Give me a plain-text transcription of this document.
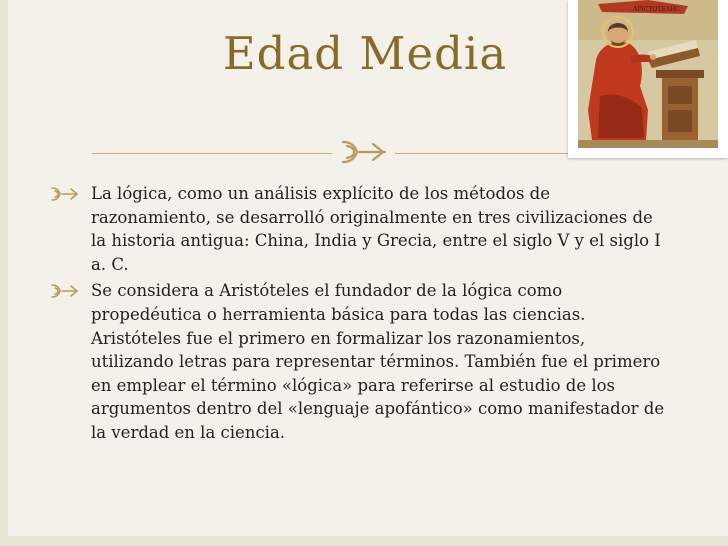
Edad Media
ΑΡΙCΤΟΤΕΛΗC
La lógica, como un análisis explícito de los métodos de razonamiento, se desarrolló originalmente en tres civilizaciones de la historia antigua: China, India y Grecia, entre el siglo V y el siglo I a. C.
Se considera a Aristóteles el fundador de la lógica como propedéutica o herramienta básica para todas las ciencias. Aristóteles fue el primero en formalizar los razonamientos, utilizando letras para representar términos. También fue el primero en emplear el término «lógica» para referirse al estudio de los argumentos dentro del «lenguaje apofántico» como manifestador de la verdad en la ciencia.
